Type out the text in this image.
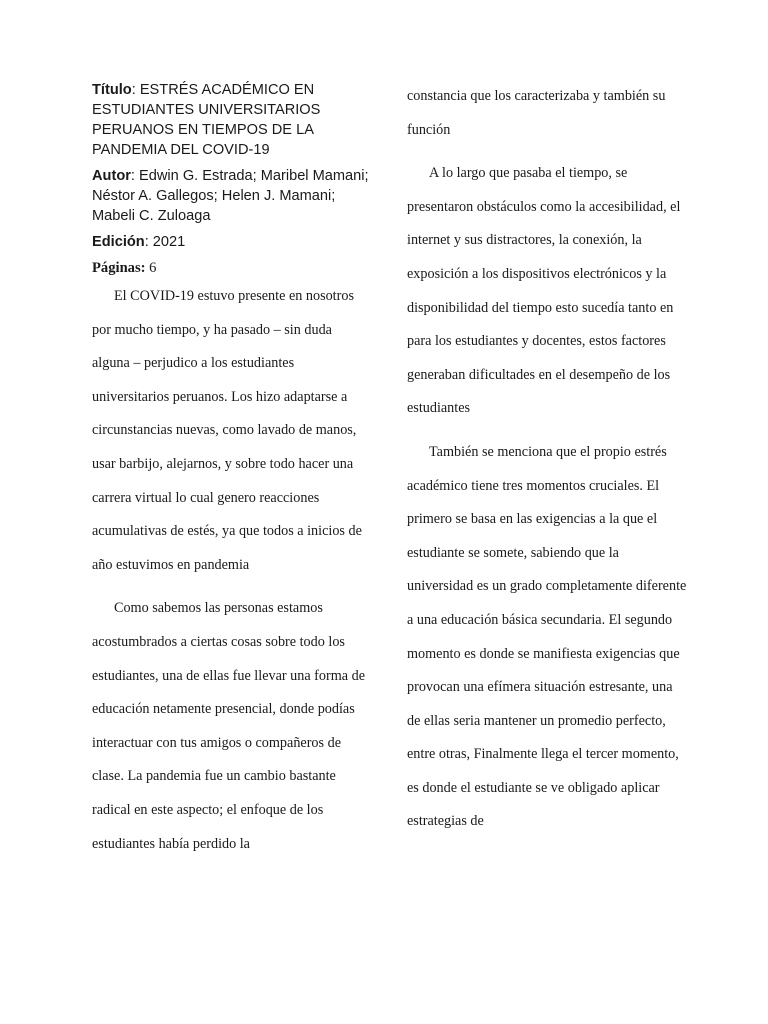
Título: ESTRÉS ACADÉMICO EN ESTUDIANTES UNIVERSITARIOS PERUANOS EN TIEMPOS DE LA PANDEMIA DEL COVID-19

Autor: Edwin G. Estrada; Maribel Mamani; Néstor A. Gallegos; Helen J. Mamani; Mabeli C. Zuloaga

Edición: 2021

Páginas: 6

El COVID-19 estuvo presente en nosotros por mucho tiempo, y ha pasado – sin duda alguna – perjudico a los estudiantes universitarios peruanos. Los hizo adaptarse a circunstancias nuevas, como lavado de manos, usar barbijo, alejarnos, y sobre todo hacer una carrera virtual lo cual genero reacciones acumulativas de estés, ya que todos a inicios de año estuvimos en pandemia

Como sabemos las personas estamos acostumbrados a ciertas cosas sobre todo los estudiantes, una de ellas fue llevar una forma de educación netamente presencial, donde podías interactuar con tus amigos o compañeros de clase. La pandemia fue un cambio bastante radical en este aspecto; el enfoque de los estudiantes había perdido la

constancia que los caracterizaba y también su función

A lo largo que pasaba el tiempo, se presentaron obstáculos como la accesibilidad, el internet y sus distractores, la conexión, la exposición a los dispositivos electrónicos y la disponibilidad del tiempo esto sucedía tanto en para los estudiantes y docentes, estos factores generaban dificultades en el desempeño de los estudiantes

También se menciona que el propio estrés académico tiene tres momentos cruciales. El primero se basa en las exigencias a la que el estudiante se somete, sabiendo que la universidad es un grado completamente diferente a una educación básica secundaria. El segundo momento es donde se manifiesta exigencias que provocan una efímera situación estresante, una de ellas seria mantener un promedio perfecto, entre otras, Finalmente llega el tercer momento, es donde el estudiante se ve obligado aplicar estrategias de
